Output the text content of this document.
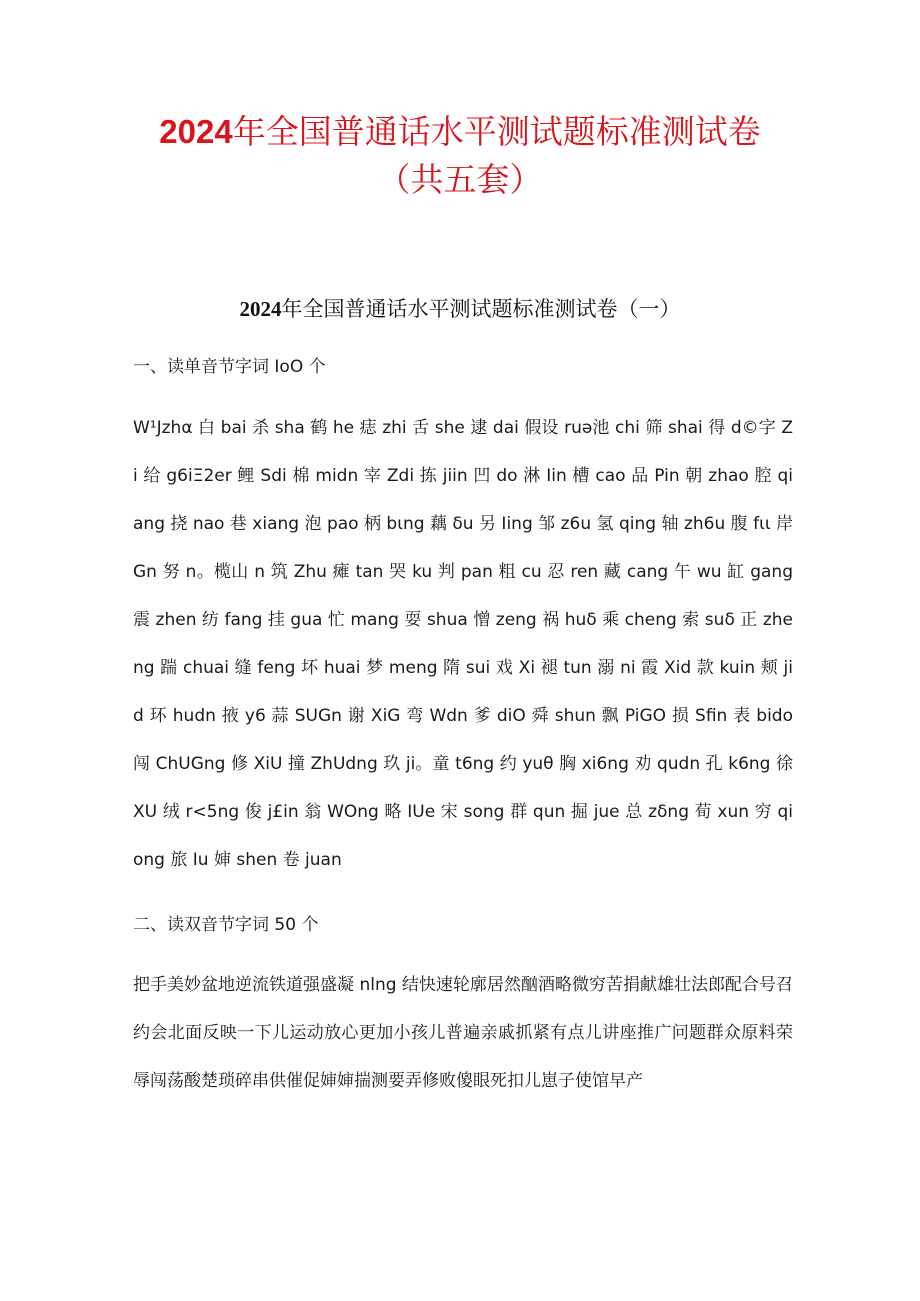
2024年全国普通话水平测试题标准测试卷
（共五套）
2024年全国普通话水平测试题标准测试卷（一）
一、读单音节字词 IoO 个

W¹Jzhα 白 bai 杀 sha 鹤 he 痣 zhi 舌 she 逮 dai 假设 ruә池 chi 筛 shai 得 d©字 Zi 给 g6iΞ2er 鲤 Sdi 棉 midn 宰 Zdi 拣 jiin 凹 do 淋 Iin 槽 cao 品 Pin 朝 zhao 腔 qiang 挠 nao 巷 xiang 泡 pao 柄 bιng 藕 δu 另 Iing 邹 z6u 氢 qing 轴 zh6u 腹 fιι 岸 Gn 努 n。榄山 n 筑 Zhu 瘫 tan 哭 ku 判 pan 粗 cu 忍 ren 藏 cang 午 wu 缸 gang 震 zhen 纺 fang 挂 gua 忙 mang 耍 shua 憎 zeng 祸 huδ 乘 cheng 索 suδ 正 zheng 踹 chuai 缝 feng 坏 huai 梦 meng 隋 sui 戏 Xi 褪 tun 溺 ni 霞 Xid 款 kuin 颊 jid 环 hudn 掖 y6 蒜 SUGn 谢 XiG 弯 Wdn 爹 diO 舜 shun 飘 PiGO 损 Sfin 表 bido 闯 ChUGng 修 XiU 撞 ZhUdng 玖 ji。童 t6ng 约 yuθ 胸 xi6ng 劝 qudn 孔 k6ng 徐 XU 绒 r<5ng 俊 j£in 翁 WOng 略 IUe 宋 song 群 qun 掘 jue 总 zδng 荀 xun 穷 qiong 旅 Iu 婶 shen 卷 juan

二、读双音节字词 50 个

把手美妙盆地逆流铁道强盛凝 nlng 结快速轮廓居然酗酒略微穷苦捐献雄壮法郎配合号召约会北面反映一下儿运动放心更加小孩儿普遍亲戚抓紧有点儿讲座推广问题群众原料荣辱闯荡酸楚琐碎串供催促婶婶揣测要弄修败傻眼死扣儿崽子使馆早产
